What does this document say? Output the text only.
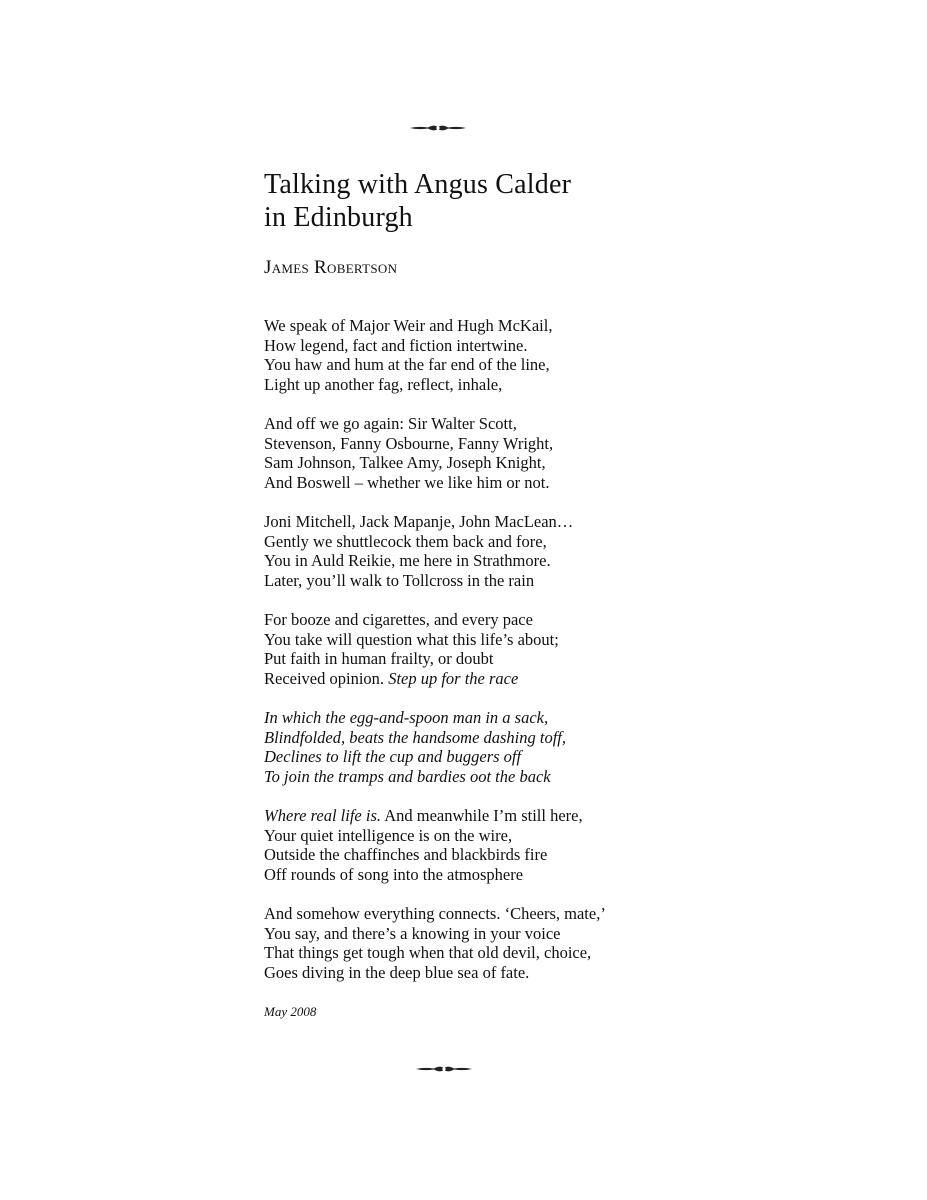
Talking with Angus Calder
in Edinburgh
James Robertson
We speak of Major Weir and Hugh McKail,
How legend, fact and fiction intertwine.
You haw and hum at the far end of the line,
Light up another fag, reflect, inhale,
And off we go again: Sir Walter Scott,
Stevenson, Fanny Osbourne, Fanny Wright,
Sam Johnson, Talkee Amy, Joseph Knight,
And Boswell – whether we like him or not.
Joni Mitchell, Jack Mapanje, John MacLean…
Gently we shuttlecock them back and fore,
You in Auld Reikie, me here in Strathmore.
Later, you’ll walk to Tollcross in the rain
For booze and cigarettes, and every pace
You take will question what this life’s about;
Put faith in human frailty, or doubt
Received opinion. Step up for the race
In which the egg-and-spoon man in a sack,
Blindfolded, beats the handsome dashing toff,
Declines to lift the cup and buggers off
To join the tramps and bardies oot the back
Where real life is. And meanwhile I’m still here,
Your quiet intelligence is on the wire,
Outside the chaffinches and blackbirds fire
Off rounds of song into the atmosphere
And somehow everything connects. ‘Cheers, mate,’
You say, and there’s a knowing in your voice
That things get tough when that old devil, choice,
Goes diving in the deep blue sea of fate.
May 2008
